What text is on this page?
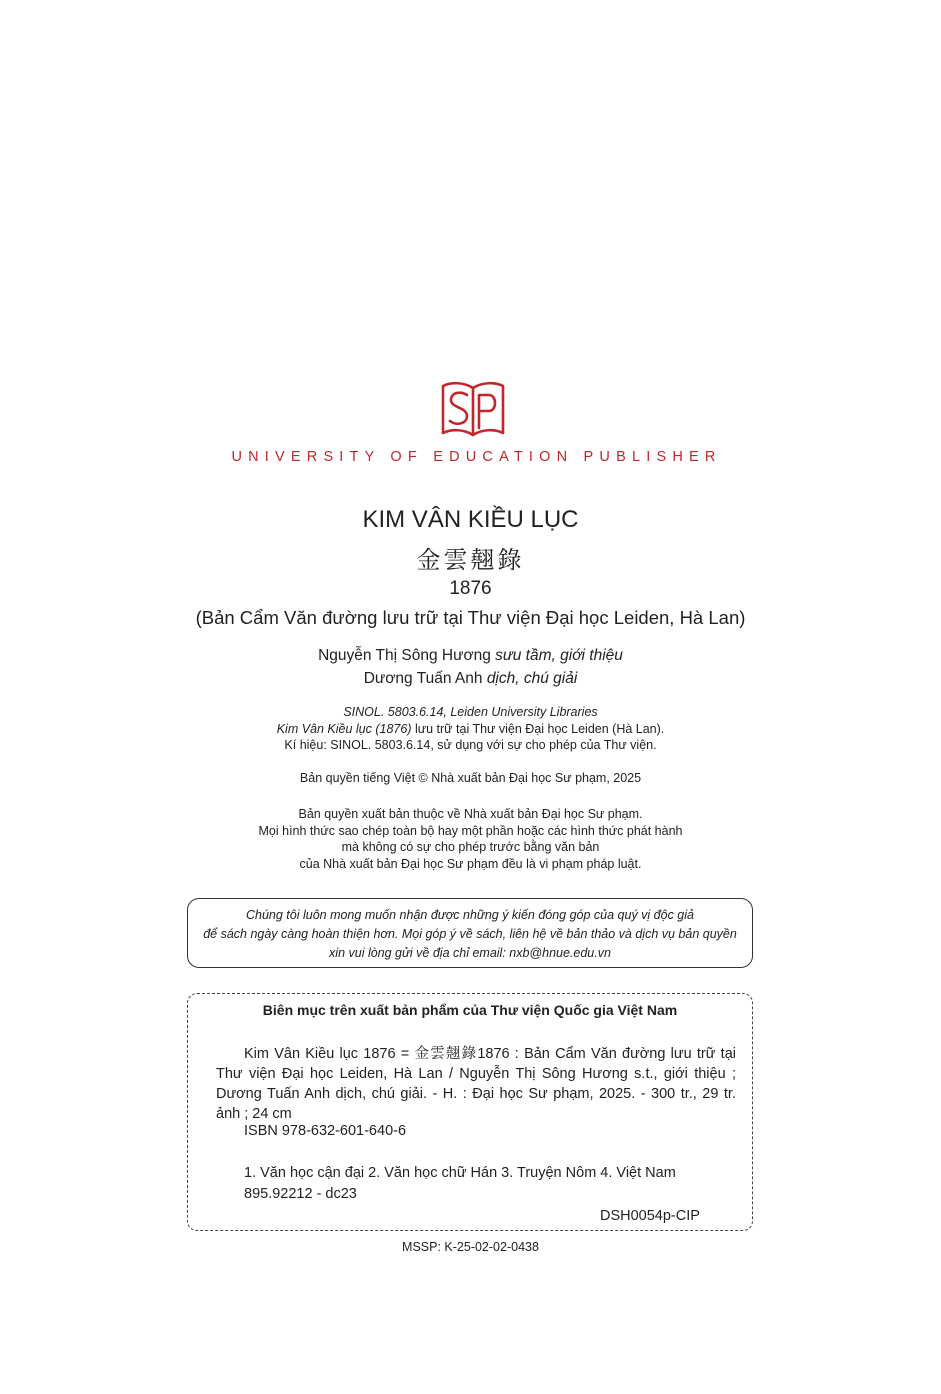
UNIVERSITY OF EDUCATION PUBLISHER
KIM VÂN KIỀU LỤC
金雲翹錄
1876
(Bản Cẩm Văn đường lưu trữ tại Thư viện Đại học Leiden, Hà Lan)
Nguyễn Thị Sông Hương sưu tầm, giới thiệu
Dương Tuấn Anh dịch, chú giải
SINOL. 5803.6.14, Leiden University Libraries
Kim Vân Kiều lục (1876) lưu trữ tại Thư viện Đại học Leiden (Hà Lan).
Kí hiệu: SINOL. 5803.6.14, sử dụng với sự cho phép của Thư viện.
Bản quyền tiếng Việt © Nhà xuất bản Đại học Sư phạm, 2025
Bản quyền xuất bản thuộc về Nhà xuất bản Đại học Sư phạm.
Mọi hình thức sao chép toàn bộ hay một phần hoặc các hình thức phát hành
mà không có sự cho phép trước bằng văn bản
của Nhà xuất bản Đại học Sư phạm đều là vi phạm pháp luật.
Chúng tôi luôn mong muốn nhận được những ý kiến đóng góp của quý vị độc giả
để sách ngày càng hoàn thiện hơn. Mọi góp ý về sách, liên hệ về bản thảo và dịch vụ bản quyền
xin vui lòng gửi về địa chỉ email: nxb@hnue.edu.vn
Biên mục trên xuất bản phẩm của Thư viện Quốc gia Việt Nam
Kim Vân Kiều lục 1876 = 金雲翹錄1876 : Bản Cẩm Văn đường lưu trữ tại Thư viện Đại học Leiden, Hà Lan / Nguyễn Thị Sông Hương s.t., giới thiệu ; Dương Tuấn Anh dịch, chú giải. - H. : Đại học Sư phạm, 2025. - 300 tr., 29 tr. ảnh ; 24 cm
ISBN 978-632-601-640-6
1. Văn học cận đại 2. Văn học chữ Hán 3. Truyện Nôm 4. Việt Nam
895.92212 - dc23
DSH0054p-CIP
MSSP: K-25-02-02-0438
